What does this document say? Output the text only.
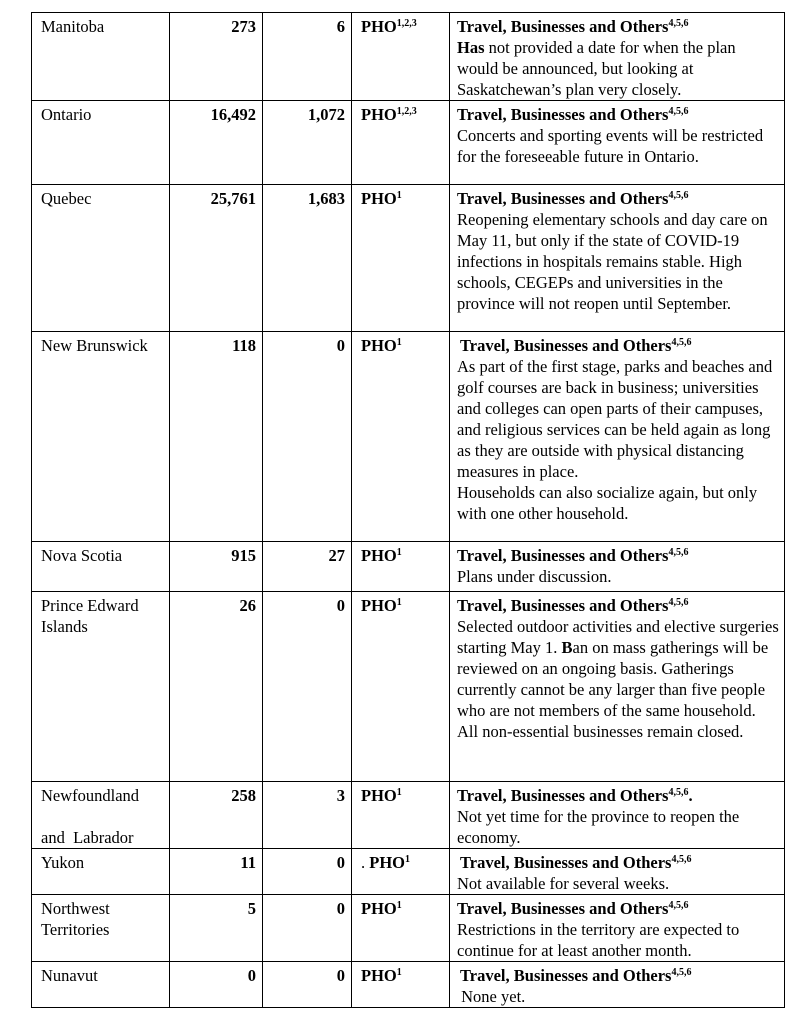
Manitoba	273	6	PHO$^{1,2,3}$	Travel, Businesses and Others$^{4,5,6}$
Has not provided a date for when the plan would be announced, but looking at Saskatchewan’s plan very closely.
Ontario	16,492	1,072	PHO$^{1,2,3}$	Travel, Businesses and Others$^{4,5,6}$
Concerts and sporting events will be restricted for the foreseeable future in Ontario.
Quebec	25,761	1,683	PHO$^1$	Travel, Businesses and Others$^{4,5,6}$
Reopening elementary schools and day care on May 11, but only if the state of COVID-19 infections in hospitals remains stable. High schools, CEGEPs and universities in the province will not reopen until September.
New Brunswick	118	0	PHO$^1$	Travel, Businesses and Others$^{4,5,6}$
As part of the first stage, parks and beaches and golf courses are back in business; universities and colleges can open parts of their campuses, and religious services can be held again as long as they are outside with physical distancing measures in place.
Households can also socialize again, but only with one other household.

Nova Scotia	915	27	PHO$^1$	Travel, Businesses and Others$^{4,5,6}$
Plans under discussion.
Prince Edward Islands	26	0	PHO$^1$	Travel, Businesses and Others$^{4,5,6}$
Selected outdoor activities and elective surgeries starting May 1. Ban on mass gatherings will be reviewed on an ongoing basis. Gatherings currently cannot be any larger than five people who are not members of the same household. All non-essential businesses remain closed.

Newfoundland
and  Labrador	258	3	PHO$^1$	Travel, Businesses and Others$^{4,5,6}$.
Not yet time for the province to reopen the economy.
Yukon	11	0	. PHO$^1$	Travel, Businesses and Others$^{4,5,6}$
Not available for several weeks.
Northwest Territories	5	0	PHO$^1$	Travel, Businesses and Others$^{4,5,6}$
Restrictions in the territory are expected to continue for at least another month.
Nunavut	0	0	PHO$^1$	Travel, Businesses and Others$^{4,5,6}$
None yet.
